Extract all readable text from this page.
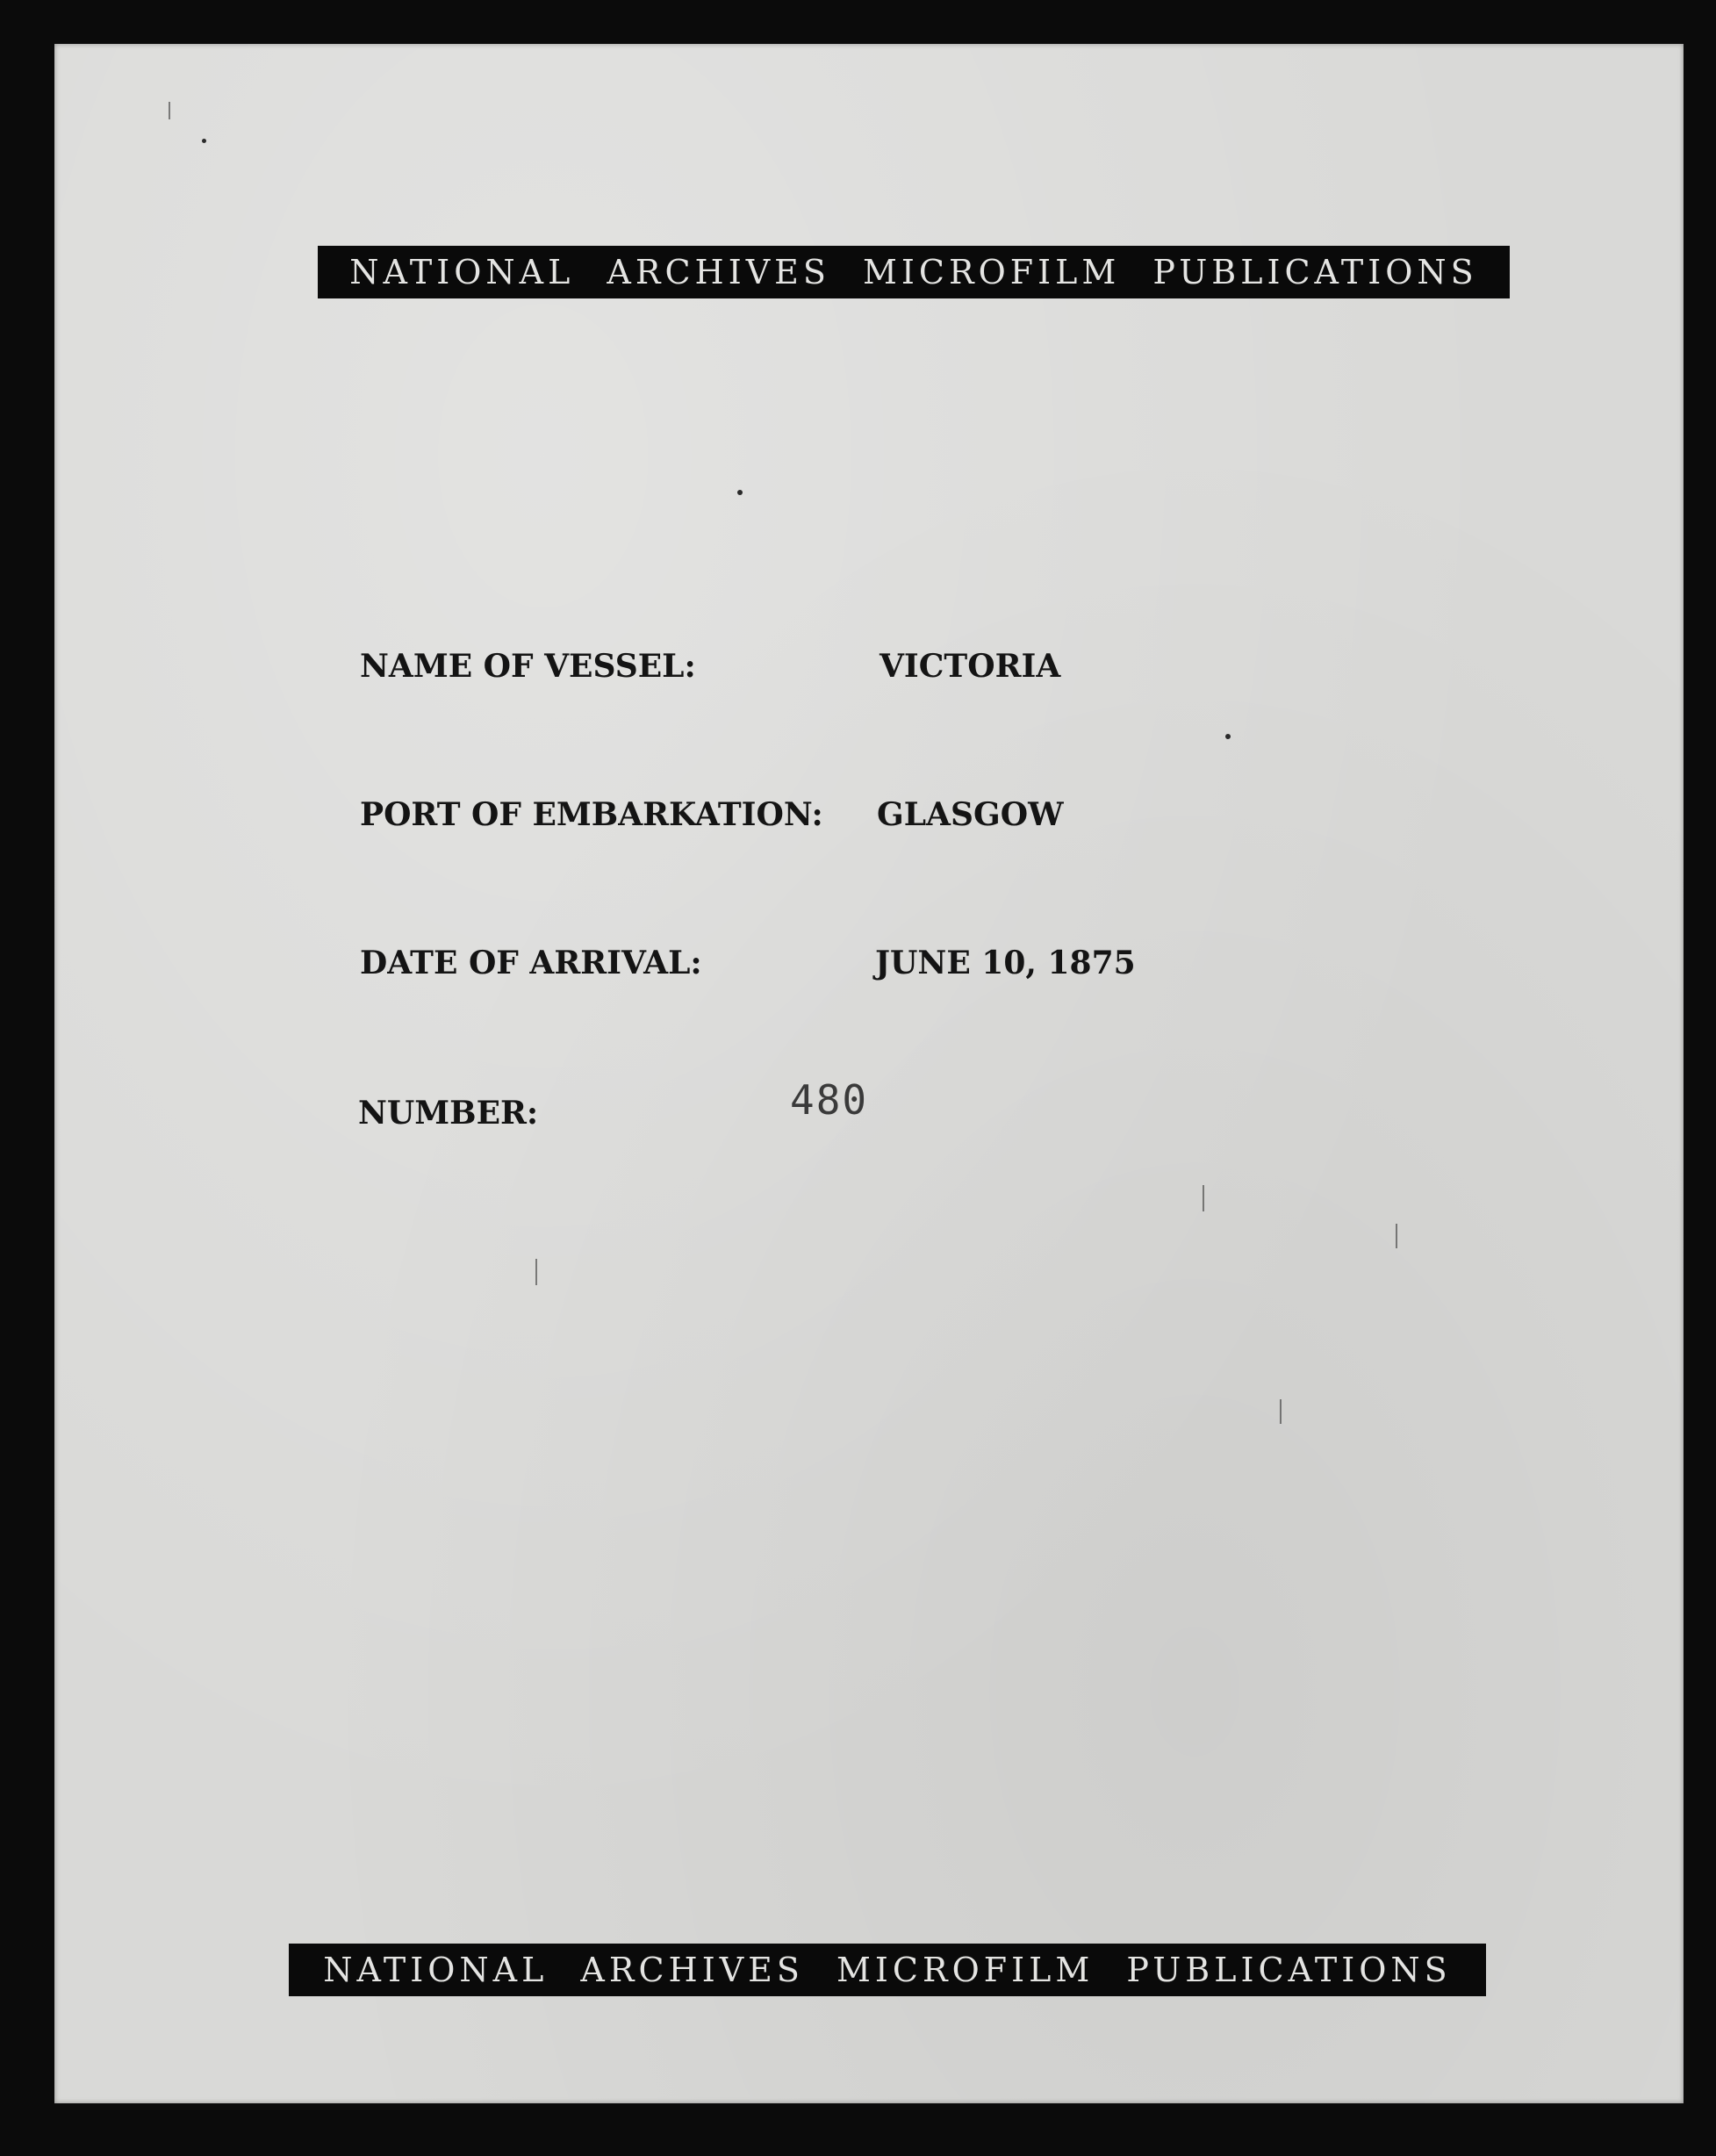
NATIONAL ARCHIVES MICROFILM PUBLICATIONS
NAME OF VESSEL:	VICTORIA
PORT OF EMBARKATION: GLASGOW
DATE OF ARRIVAL:	JUNE 10, 1875
NUMBER:	480
NATIONAL ARCHIVES MICROFILM PUBLICATIONS
